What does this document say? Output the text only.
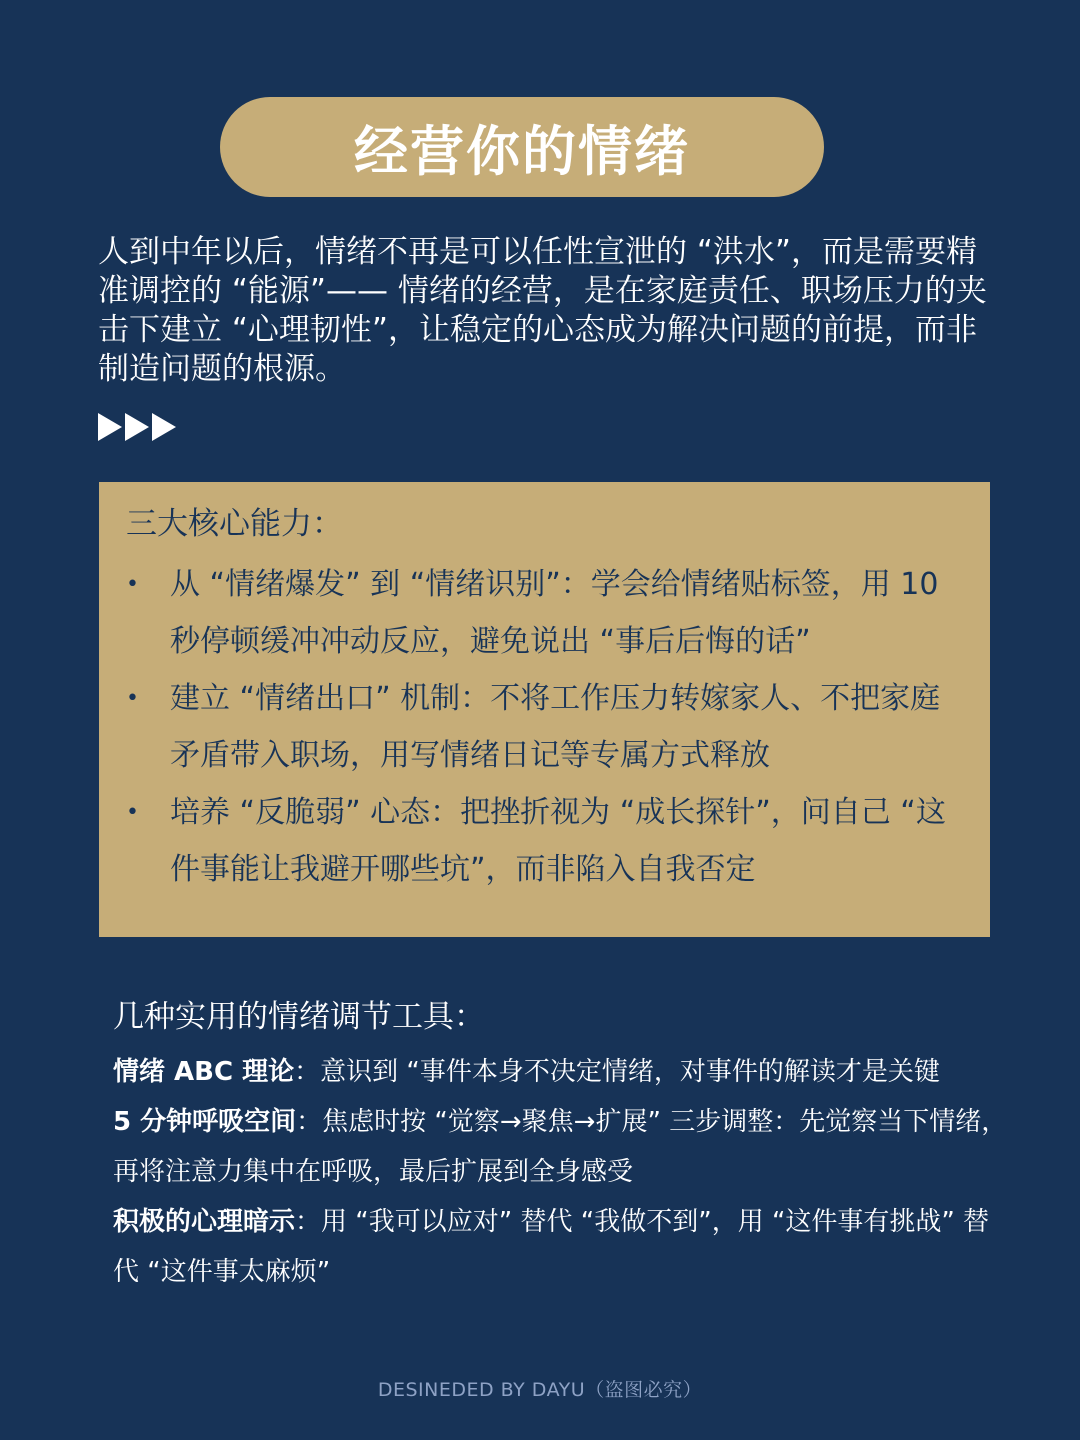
经营你的情绪

人到中年以后，情绪不再是可以任性宣泄的 “洪水”，而是需要精准调控的 “能源”—— 情绪的经营，是在家庭责任、职场压力的夹击下建立 “心理韧性”，让稳定的心态成为解决问题的前提，而非制造问题的根源。

三大核心能力：

• 从 “情绪爆发” 到 “情绪识别”：学会给情绪贴标签，用 10 秒停顿缓冲冲动反应，避免说出 “事后后悔的话”
• 建立 “情绪出口” 机制：不将工作压力转嫁家人、不把家庭矛盾带入职场，用写情绪日记等专属方式释放
• 培养 “反脆弱” 心态：把挫折视为 “成长探针”，问自己 “这件事能让我避开哪些坑”，而非陷入自我否定

几种实用的情绪调节工具：

情绪 ABC 理论：意识到 “事件本身不决定情绪，对事件的解读才是关键

5 分钟呼吸空间：焦虑时按 “觉察→聚焦→扩展” 三步调整：先觉察当下情绪，再将注意力集中在呼吸，最后扩展到全身感受

积极的心理暗示：用 “我可以应对” 替代 “我做不到”，用 “这件事有挑战” 替代 “这件事太麻烦”

DESINEDED BY DAYU（盗图必究）
